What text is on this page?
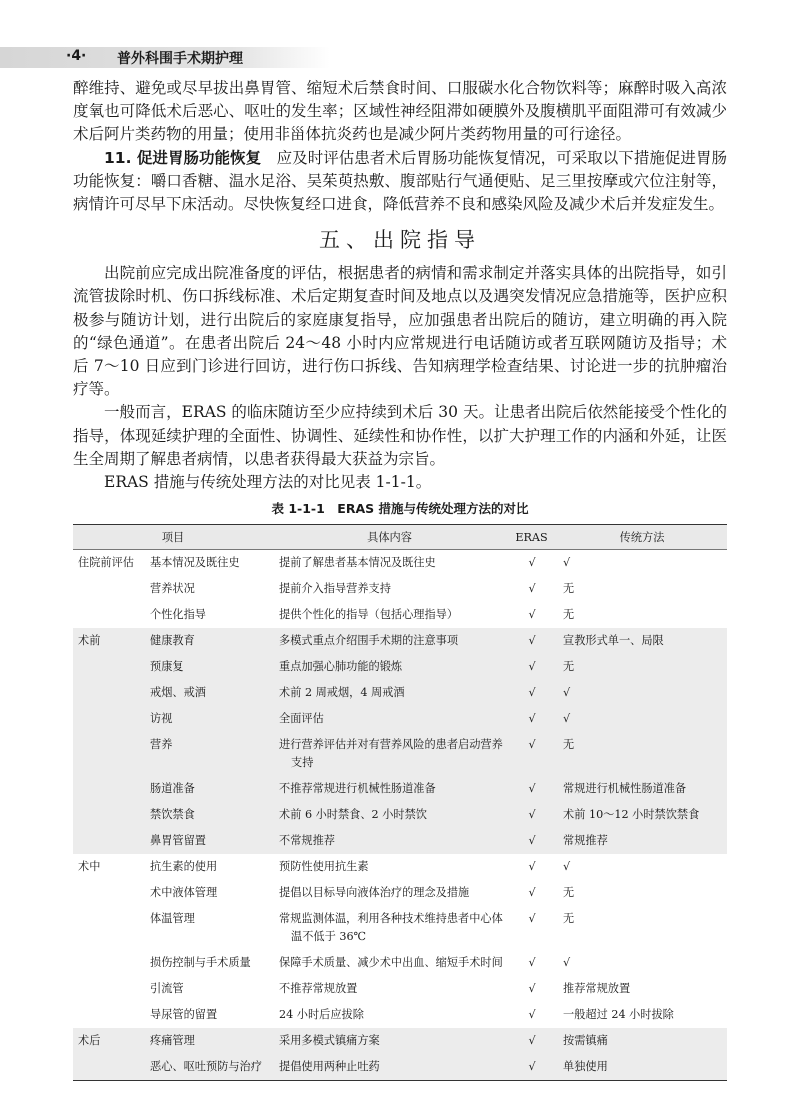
·4· 普外科围手术期护理

醉维持、避免或尽早拔出鼻胃管、缩短术后禁食时间、口服碳水化合物饮料等；麻醉时吸入高浓度氧也可降低术后恶心、呕吐的发生率；区域性神经阻滞如硬膜外及腹横肌平面阻滞可有效减少术后阿片类药物的用量；使用非甾体抗炎药也是减少阿片类药物用量的可行途径。

11. 促进胃肠功能恢复　 应及时评估患者术后胃肠功能恢复情况，可采取以下措施促进胃肠功能恢复：嚼口香糖、温水足浴、吴茱萸热敷、腹部贴行气通便贴、足三里按摩或穴位注射等，病情许可尽早下床活动。尽快恢复经口进食，降低营养不良和感染风险及减少术后并发症发生。

五、出院指导

出院前应完成出院准备度的评估，根据患者的病情和需求制定并落实具体的出院指导，如引流管拔除时机、伤口拆线标准、术后定期复查时间及地点以及遇突发情况应急措施等，医护应积极参与随访计划，进行出院后的家庭康复指导，应加强患者出院后的随访，建立明确的再入院的“绿色通道”。在患者出院后 24～48 小时内应常规进行电话随访或者互联网随访及指导；术后 7～10 日应到门诊进行回访，进行伤口拆线、告知病理学检查结果、讨论进一步的抗肿瘤治疗等。

一般而言，ERAS 的临床随访至少应持续到术后 30 天。让患者出院后依然能接受个性化的指导，体现延续护理的全面性、协调性、延续性和协作性，以扩大护理工作的内涵和外延，让医生全周期了解患者病情，以患者获得最大获益为宗旨。

ERAS 措施与传统处理方法的对比见表 1-1-1。

表 1-1-1　ERAS 措施与传统处理方法的对比
项目		具体内容	ERAS	传统方法
住院前评估	基本情况及既往史	提前了解患者基本情况及既往史	√	√
	营养状况	提前介入指导营养支持	√	无
	个性化指导	提供个性化的指导（包括心理指导）	√	无
术前	健康教育	多模式重点介绍围手术期的注意事项	√	宣教形式单一、局限
	预康复	重点加强心肺功能的锻炼	√	无
	戒烟、戒酒	术前 2 周戒烟，4 周戒酒	√	√
	访视	全面评估	√	√
	营养	进行营养评估并对有营养风险的患者启动营养支持	√	无
	肠道准备	不推荐常规进行机械性肠道准备	√	常规进行机械性肠道准备
	禁饮禁食	术前 6 小时禁食、2 小时禁饮	√	术前 10～12 小时禁饮禁食
	鼻胃管留置	不常规推荐	√	常规推荐
术中	抗生素的使用	预防性使用抗生素	√	√
	术中液体管理	提倡以目标导向液体治疗的理念及措施	√	无
	体温管理	常规监测体温，利用各种技术维持患者中心体温不低于 36℃	√	无
	损伤控制与手术质量	保障手术质量、减少术中出血、缩短手术时间	√	√
	引流管	不推荐常规放置	√	推荐常规放置
	导尿管的留置	24 小时后应拔除	√	一般超过 24 小时拔除
术后	疼痛管理	采用多模式镇痛方案	√	按需镇痛
	恶心、呕吐预防与治疗	提倡使用两种止吐药	√	单独使用
